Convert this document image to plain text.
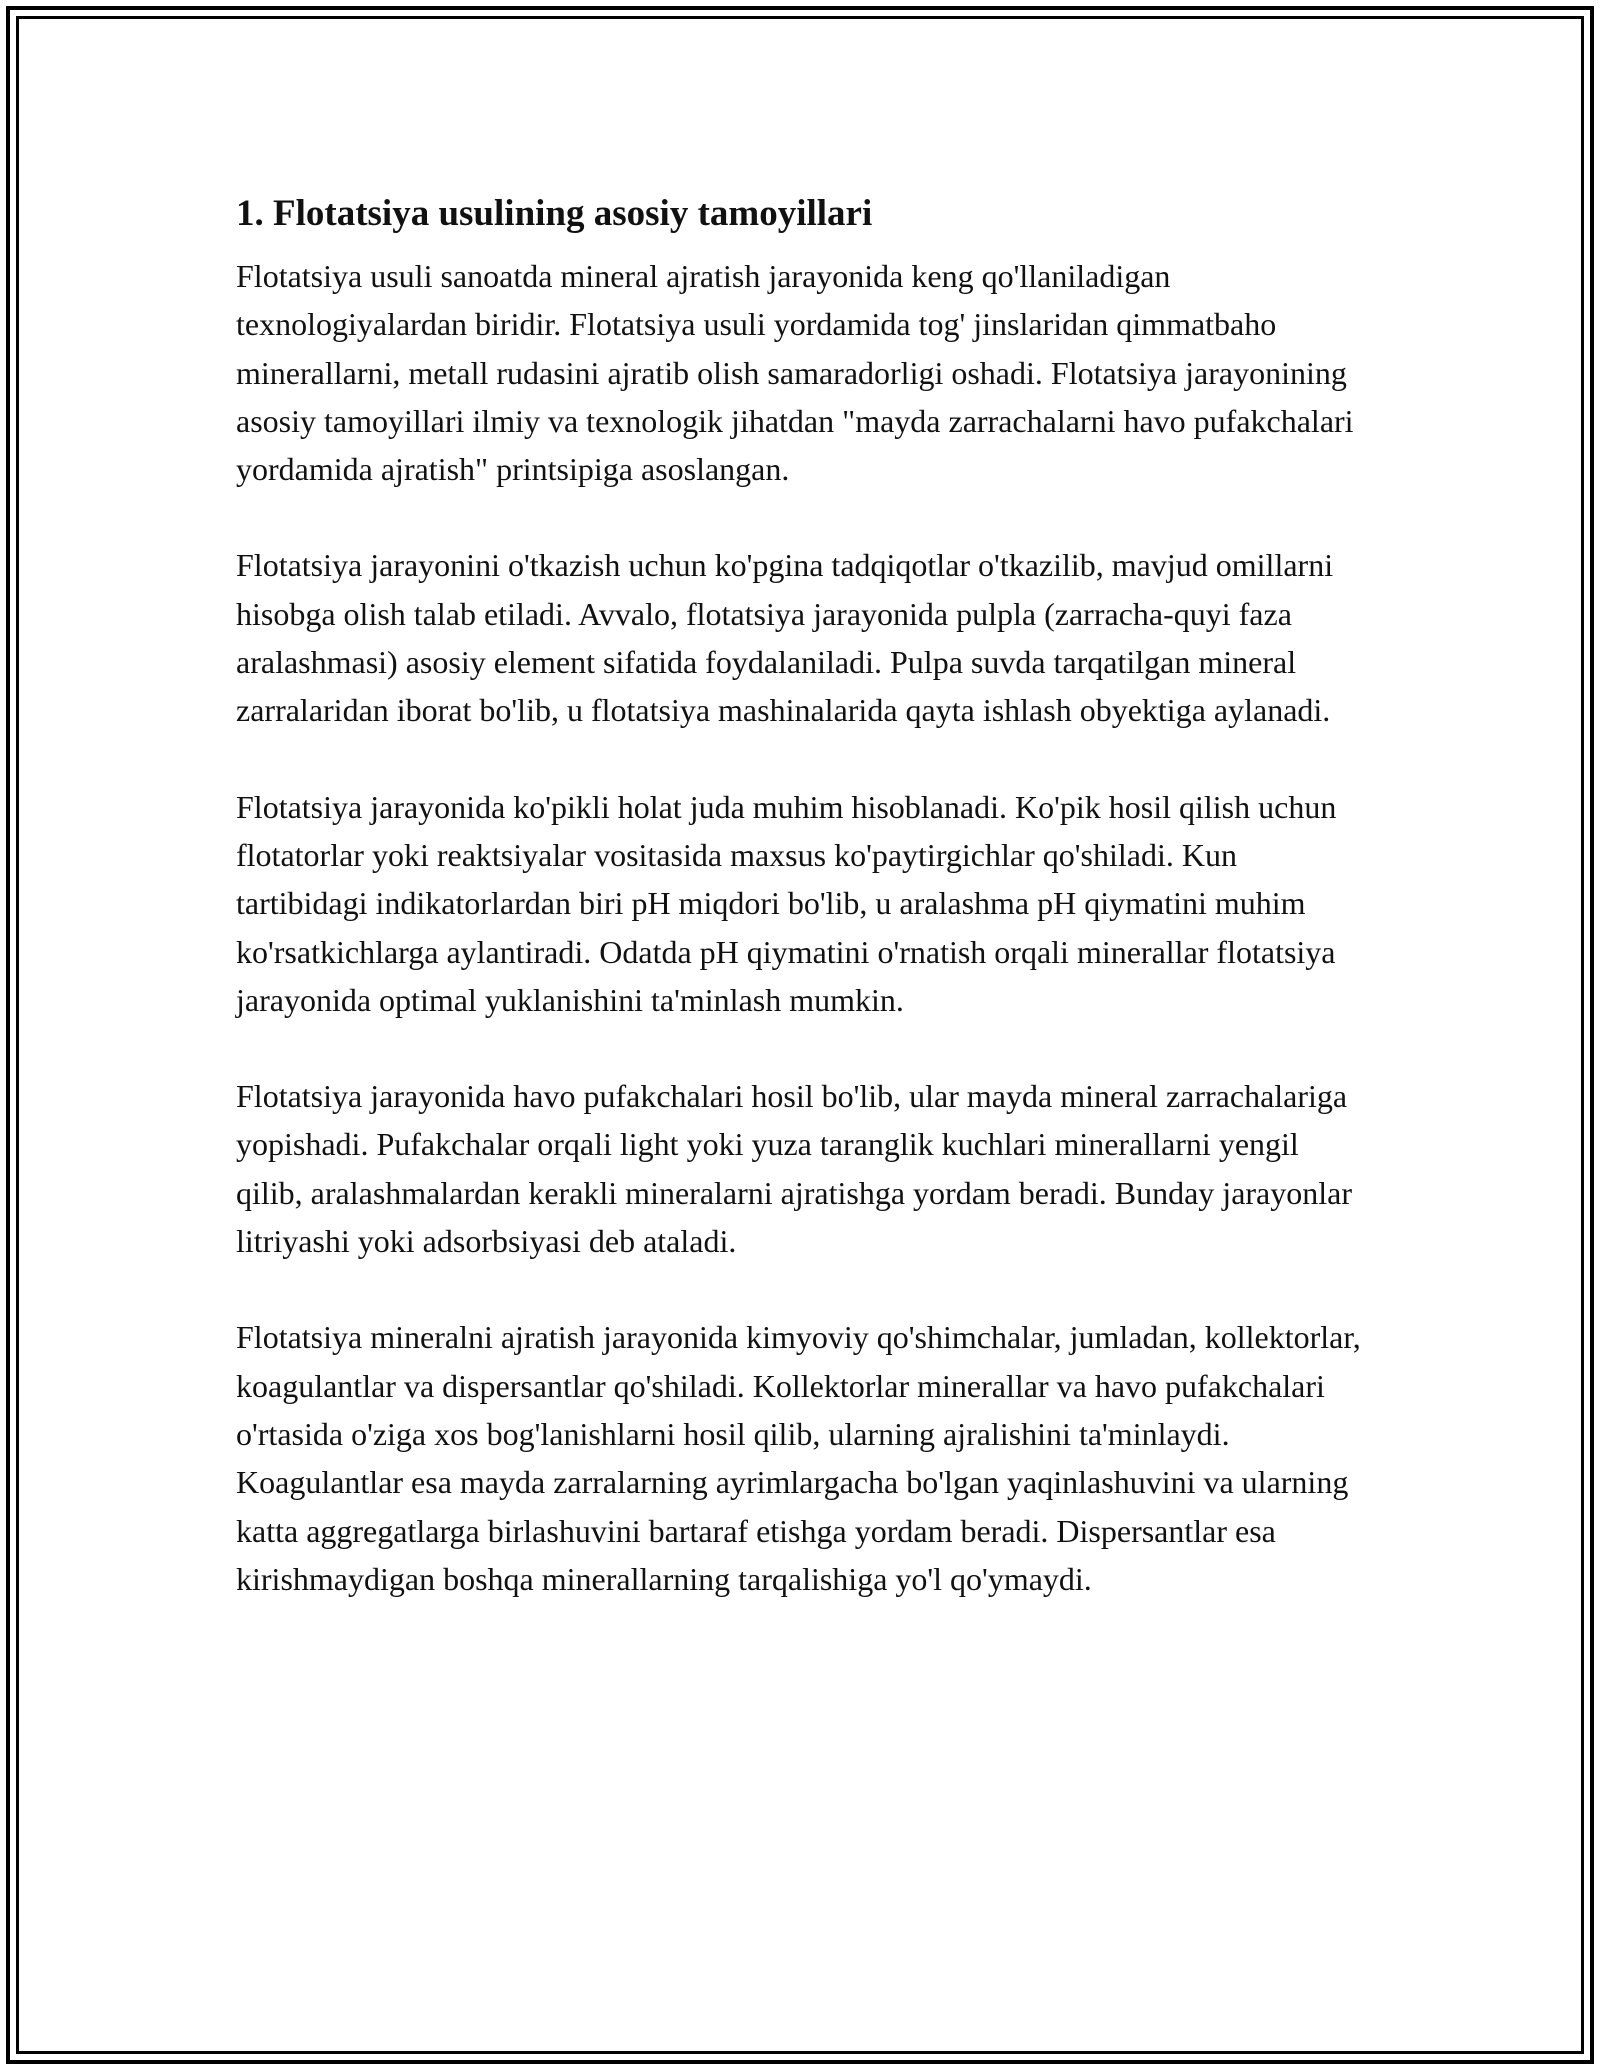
1. Flotatsiya usulining asosiy tamoyillari

Flotatsiya usuli sanoatda mineral ajratish jarayonida keng qo'llaniladigan texnologiyalardan biridir. Flotatsiya usuli yordamida tog' jinslaridan qimmatbaho minerallarni, metall rudasini ajratib olish samaradorligi oshadi. Flotatsiya jarayonining asosiy tamoyillari ilmiy va texnologik jihatdan "mayda zarrachalarni havo pufakchalari yordamida ajratish" printsipiga asoslangan.

Flotatsiya jarayonini o'tkazish uchun ko'pgina tadqiqotlar o'tkazilib, mavjud omillarni hisobga olish talab etiladi. Avvalo, flotatsiya jarayonida pulpla (zarracha-quyi faza aralashmasi) asosiy element sifatida foydalaniladi. Pulpa suvda tarqatilgan mineral zarralaridan iborat bo'lib, u flotatsiya mashinalarida qayta ishlash obyektiga aylanadi.

Flotatsiya jarayonida ko'pikli holat juda muhim hisoblanadi. Ko'pik hosil qilish uchun flotatorlar yoki reaktsiyalar vositasida maxsus ko'paytirgichlar qo'shiladi. Kun tartibidagi indikatorlardan biri pH miqdori bo'lib, u aralashma pH qiymatini muhim ko'rsatkichlarga aylantiradi. Odatda pH qiymatini o'rnatish orqali minerallar flotatsiya jarayonida optimal yuklanishini ta'minlash mumkin.

Flotatsiya jarayonida havo pufakchalari hosil bo'lib, ular mayda mineral zarrachalariga yopishadi. Pufakchalar orqali light yoki yuza taranglik kuchlari minerallarni yengil qilib, aralashmalardan kerakli mineralarni ajratishga yordam beradi. Bunday jarayonlar litriyashi yoki adsorbsiyasi deb ataladi.

Flotatsiya mineralni ajratish jarayonida kimyoviy qo'shimchalar, jumladan, kollektorlar, koagulantlar va dispersantlar qo'shiladi. Kollektorlar minerallar va havo pufakchalari o'rtasida o'ziga xos bog'lanishlarni hosil qilib, ularning ajralishini ta'minlaydi. Koagulantlar esa mayda zarralarning ayrimlargacha bo'lgan yaqinlashuvini va ularning katta aggregatlarga birlashuvini bartaraf etishga yordam beradi. Dispersantlar esa kirishmaydigan boshqa minerallarning tarqalishiga yo'l qo'ymaydi.
